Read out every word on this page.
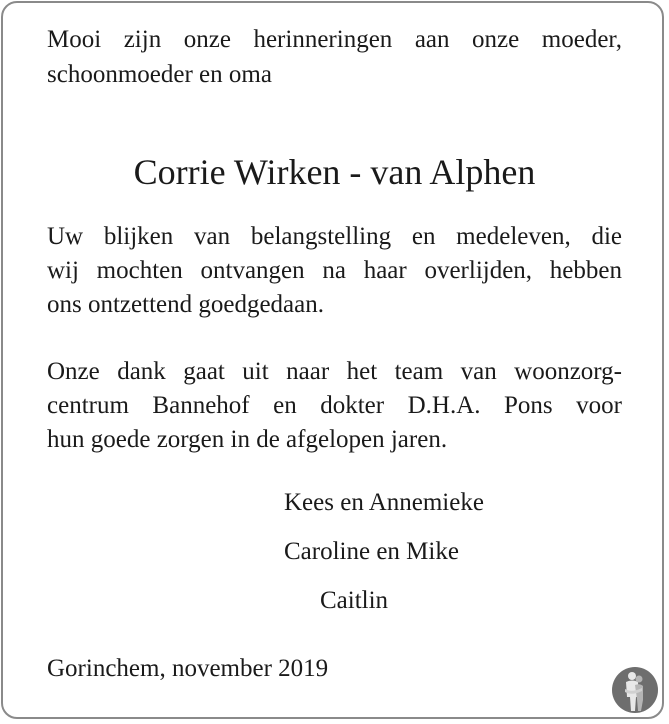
Mooi zijn onze herinneringen aan onze moeder,
schoonmoeder en oma
Corrie Wirken - van Alphen
Uw blijken van belangstelling en medeleven, die
wij mochten ontvangen na haar overlijden, hebben
ons ontzettend goedgedaan.
Onze dank gaat uit naar het team van woonzorg-
centrum Bannehof en dokter D.H.A. Pons voor
hun goede zorgen in de afgelopen jaren.
Kees en Annemieke
Caroline en Mike
Caitlin
Gorinchem, november 2019
